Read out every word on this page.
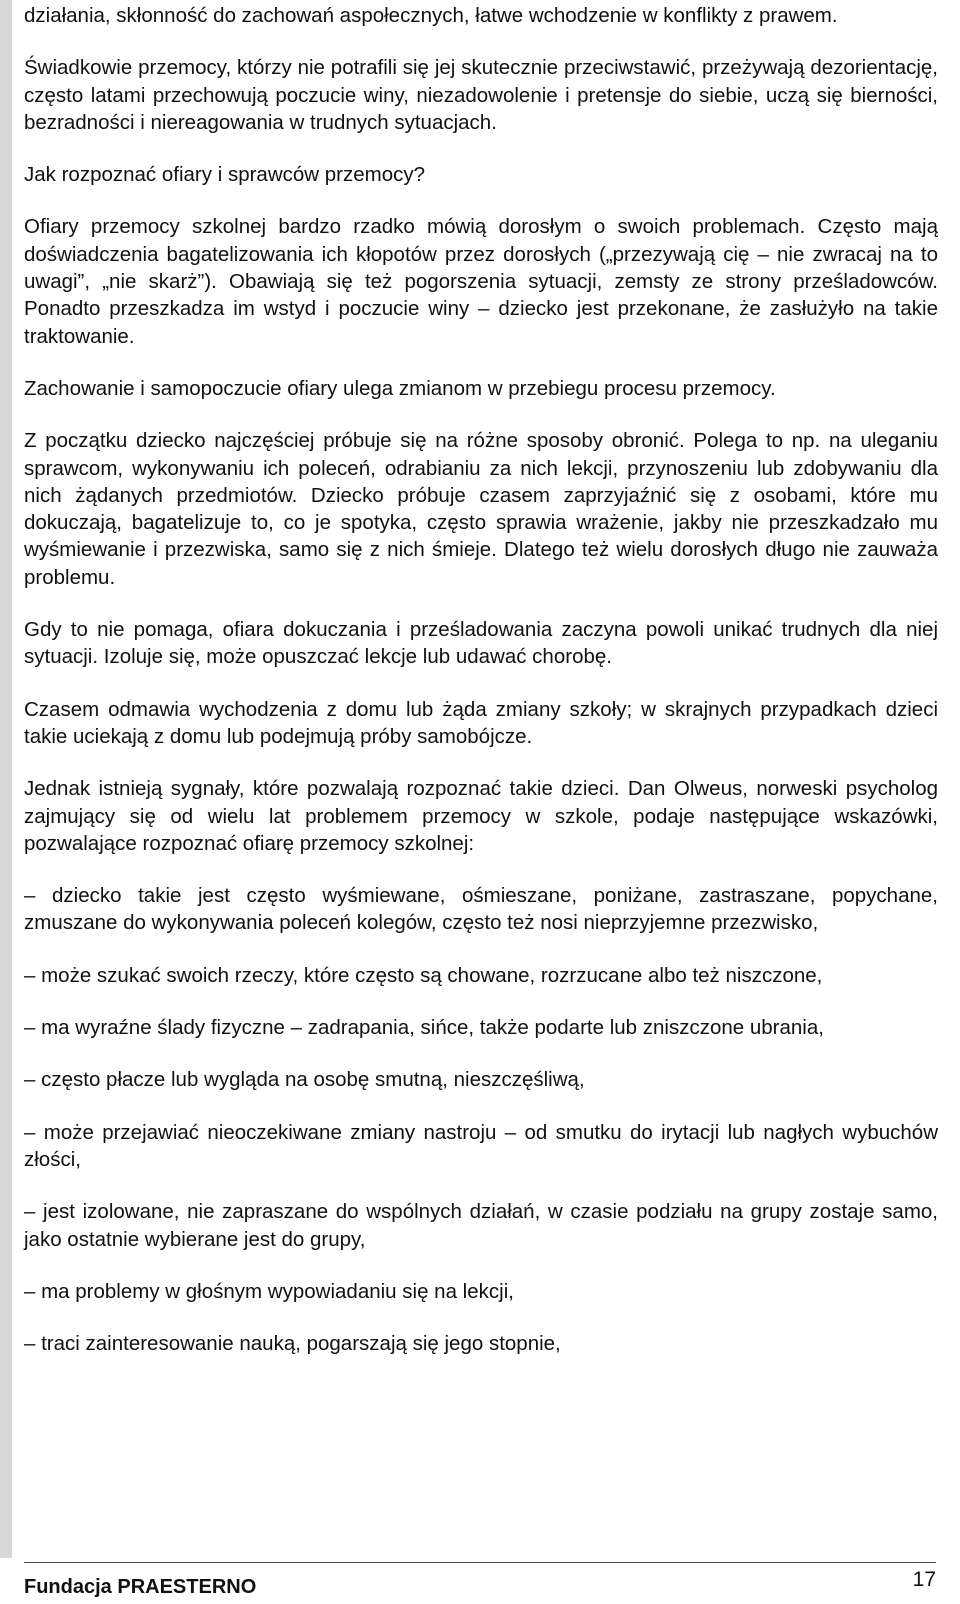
działania, skłonność do zachowań aspołecznych, łatwe wchodzenie w konflikty z prawem.

Świadkowie przemocy, którzy nie potrafili się jej skutecznie przeciwstawić, przeżywają dezorientację, często latami przechowują poczucie winy, niezadowolenie i pretensje do siebie, uczą się bierności, bezradności i niereagowania w trudnych sytuacjach.

Jak rozpoznać ofiary i sprawców przemocy?

Ofiary przemocy szkolnej bardzo rzadko mówią dorosłym o swoich problemach. Często mają doświadczenia bagatelizowania ich kłopotów przez dorosłych („przezywają cię – nie zwracaj na to uwagi”, „nie skarż”). Obawiają się też pogorszenia sytuacji, zemsty ze strony prześladowców. Ponadto przeszkadza im wstyd i poczucie winy – dziecko jest przekonane, że zasłużyło na takie traktowanie.

Zachowanie i samopoczucie ofiary ulega zmianom w przebiegu procesu przemocy.

Z początku dziecko najczęściej próbuje się na różne sposoby obronić. Polega to np. na uleganiu sprawcom, wykonywaniu ich poleceń, odrabianiu za nich lekcji, przynoszeniu lub zdobywaniu dla nich żądanych przedmiotów. Dziecko próbuje czasem zaprzyjaźnić się z osobami, które mu dokuczają, bagatelizuje to, co je spotyka, często sprawia wrażenie, jakby nie przeszkadzało mu wyśmiewanie i przezwiska, samo się z nich śmieje. Dlatego też wielu dorosłych długo nie zauważa problemu.

Gdy to nie pomaga, ofiara dokuczania i prześladowania zaczyna powoli unikać trudnych dla niej sytuacji. Izoluje się, może opuszczać lekcje lub udawać chorobę.

Czasem odmawia wychodzenia z domu lub żąda zmiany szkoły; w skrajnych przypadkach dzieci takie uciekają z domu lub podejmują próby samobójcze.

Jednak istnieją sygnały, które pozwalają rozpoznać takie dzieci. Dan Olweus, norweski psycholog zajmujący się od wielu lat problemem przemocy w szkole, podaje następujące wskazówki, pozwalające rozpoznać ofiarę przemocy szkolnej:

– dziecko takie jest często wyśmiewane, ośmieszane, poniżane, zastraszane, popychane, zmuszane do wykonywania poleceń kolegów, często też nosi nieprzyjemne przezwisko,

– może szukać swoich rzeczy, które często są chowane, rozrzucane albo też niszczone,

– ma wyraźne ślady fizyczne – zadrapania, sińce, także podarte lub zniszczone ubrania,

– często płacze lub wygląda na osobę smutną, nieszczęśliwą,

– może przejawiać nieoczekiwane zmiany nastroju – od smutku do irytacji lub nagłych wybuchów złości,

– jest izolowane, nie zapraszane do wspólnych działań, w czasie podziału na grupy zostaje samo, jako ostatnie wybierane jest do grupy,

– ma problemy w głośnym wypowiadaniu się na lekcji,

– traci zainteresowanie nauką, pogarszają się jego stopnie,

Fundacja PRAESTERNO	17
